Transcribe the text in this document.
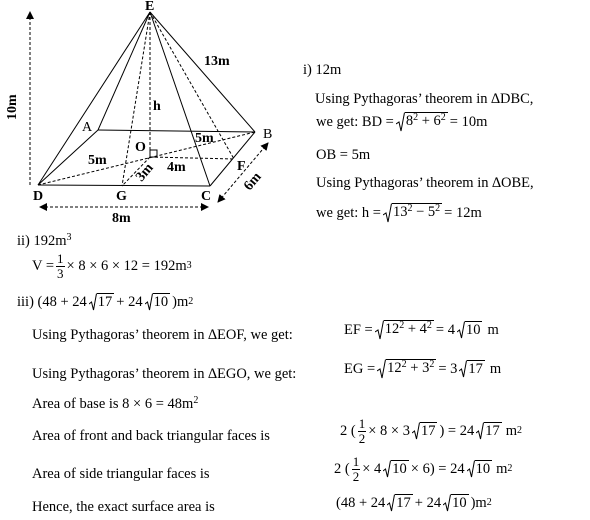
E
A	B
O
D	G	C
F
h
13m
10m
8m
6m
5m
5m
4m
3m
i) 12m
Using Pythagoras’ theorem in ∆DBC,
we get: BD = $8^2 + 6^2 = 10m$
OB = 5m
Using Pythagoras’ theorem in ∆OBE,
we get: $h = 13^2 - 5^2 = 12m$
ii) $192m^3$
$V = \frac{1}{3} \times 8 \times 6 \times 12 = 192m$ 3
iii) (48 + 24 17 + 24 10 )m 2
Using Pythagoras’ theorem in ∆EOF, we get:	EF = $12^2 + 4^2 = 4$ 10 m
Using Pythagoras’ theorem in ∆EGO, we get:	EG = $12^2 + 3^2 = 3$ 17 m
Area of base is $8 \times 6 = 48m^2$
Area of front and back triangular faces is	2 ( $\frac{1}{2} \times 8 \times 3$ 17 ) = 24 17 m 2
Area of side triangular faces is	2 ( $\frac{1}{2} \times 4$ 10 × 6) = 24 10 m 2
Hence, the exact surface area is	(48 + 24 17 + 24 10 )m 2
